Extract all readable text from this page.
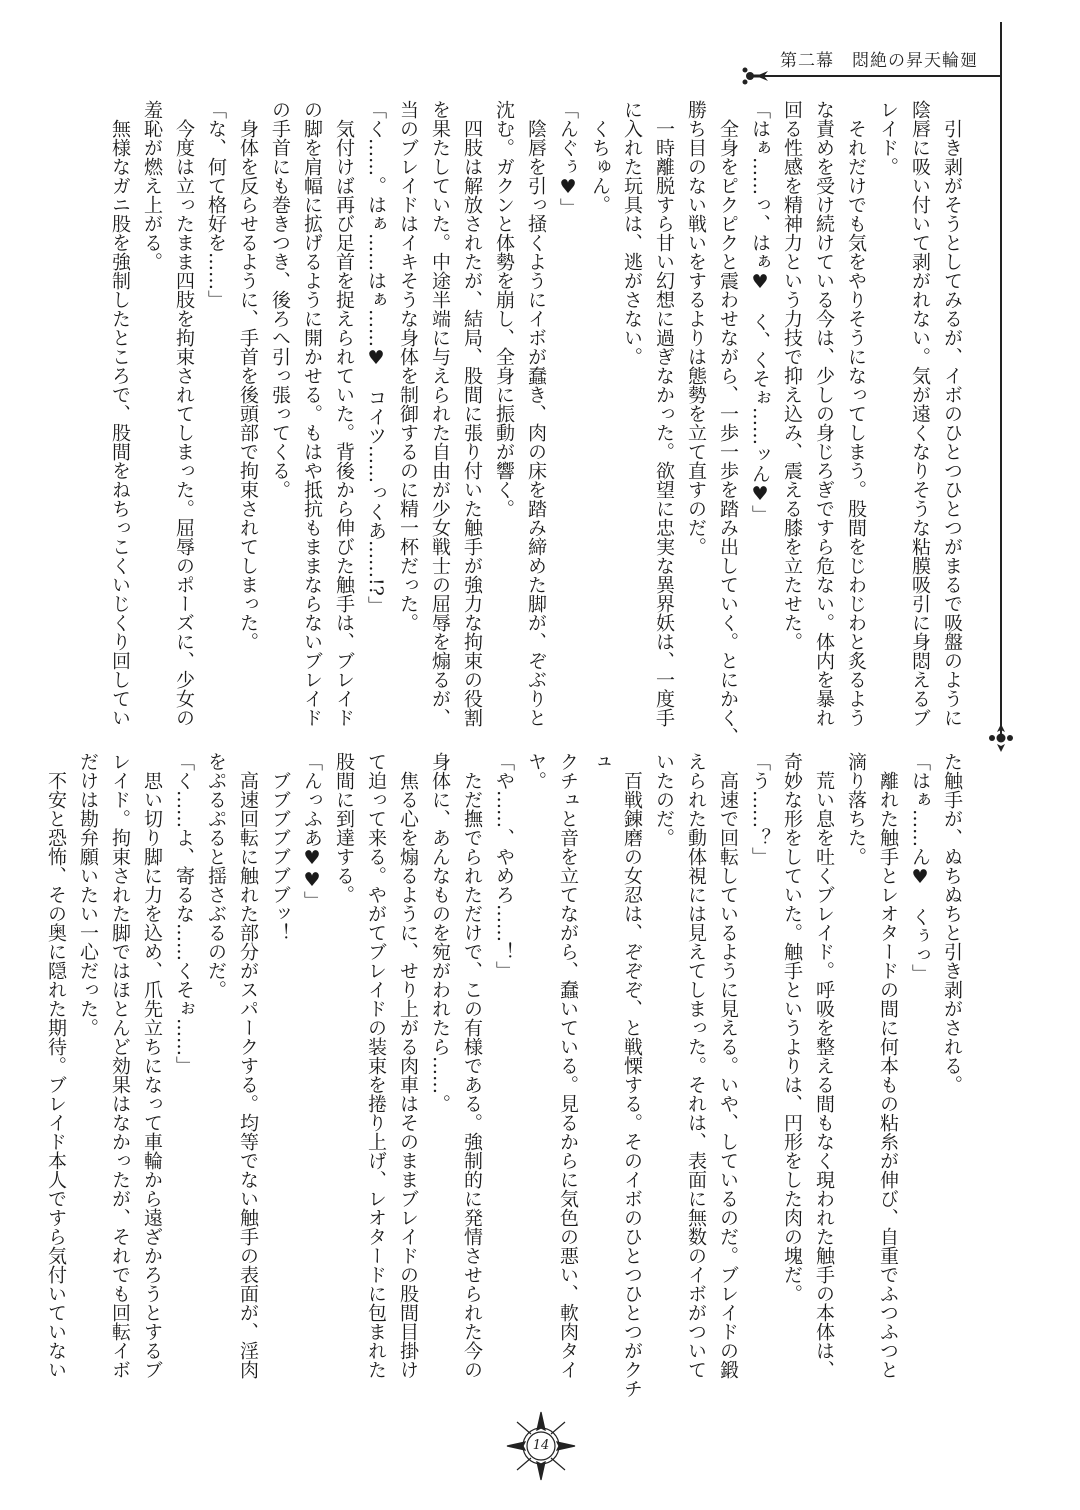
第二幕　悶絶の昇天輪廻
　引き剥がそうとしてみるが、イボのひとつひとつがまるで吸盤のように
陰唇に吸い付いて剥がれない。気が遠くなりそうな粘膜吸引に身悶えるブ
レイド。
　それだけでも気をやりそうになってしまう。股間をじわじわと炙るよう
な責めを受け続けている今は、少しの身じろぎですら危ない。体内を暴れ
回る性感を精神力という力技で抑え込み、震える膝を立たせた。
「はぁ……っ、はぁ♥　く、くそぉ……ッん♥」
　全身をピクピクと震わせながら、一歩一歩を踏み出していく。とにかく、
勝ち目のない戦いをするよりは態勢を立て直すのだ。
　一時離脱すら甘い幻想に過ぎなかった。欲望に忠実な異界妖は、一度手
に入れた玩具は、逃がさない。
　くちゅん。
「んぐぅ♥」
　陰唇を引っ掻くようにイボが蠢き、肉の床を踏み締めた脚が、ぞぶりと
沈む。ガクンと体勢を崩し、全身に振動が響く。
　四肢は解放されたが、結局、股間に張り付いた触手が強力な拘束の役割
を果たしていた。中途半端に与えられた自由が少女戦士の屈辱を煽るが、
当のブレイドはイキそうな身体を制御するのに精一杯だった。
「く……。はぁ……はぁ……♥　コイツ……っくあ……!?」
　気付けば再び足首を捉えられていた。背後から伸びた触手は、ブレイド
の脚を肩幅に拡げるように開かせる。もはや抵抗もままならないブレイド
の手首にも巻きつき、後ろへ引っ張ってくる。
　身体を反らせるように、手首を後頭部で拘束されてしまった。
「な、何て格好を……」
　今度は立ったまま四肢を拘束されてしまった。屈辱のポーズに、少女の
羞恥が燃え上がる。
　無様なガニ股を強制したところで、股間をねちっこくいじくり回してい
た触手が、ぬちぬちと引き剥がされる。
「はぁ……ん♥　くぅっ」
　離れた触手とレオタードの間に何本もの粘糸が伸び、自重でふつふつと
滴り落ちた。
　荒い息を吐くブレイド。呼吸を整える間もなく現われた触手の本体は、
奇妙な形をしていた。触手というよりは、円形をした肉の塊だ。
「う……？」
　高速で回転しているように見える。いや、しているのだ。ブレイドの鍛
えられた動体視には見えてしまった。それは、表面に無数のイボがついて
いたのだ。
　百戦錬磨の女忍は、ぞぞぞ、と戦慄する。そのイボのひとつひとつがクチュ
クチュと音を立てながら、蠢いている。見るからに気色の悪い、軟肉タイヤ。
「や……、やめろ……！」
　ただ撫でられただけで、この有様である。強制的に発情させられた今の
身体に、あんなものを宛がわれたら……。
　焦る心を煽るように、せり上がる肉車はそのままブレイドの股間目掛け
て迫って来る。やがてブレイドの装束を捲り上げ、レオタードに包まれた
股間に到達する。
「んっふあ♥♥」
　ブブブブブブブッ！
　高速回転に触れた部分がスパークする。均等でない触手の表面が、淫肉
をぷるぷると揺さぶるのだ。
「く……よ、寄るな……くそぉ……」
　思い切り脚に力を込め、爪先立ちになって車輪から遠ざかろうとするブ
レイド。拘束された脚ではほとんど効果はなかったが、それでも回転イボ
だけは勘弁願いたい一心だった。
　不安と恐怖、その奥に隠れた期待。ブレイド本人ですら気付いていない
14
